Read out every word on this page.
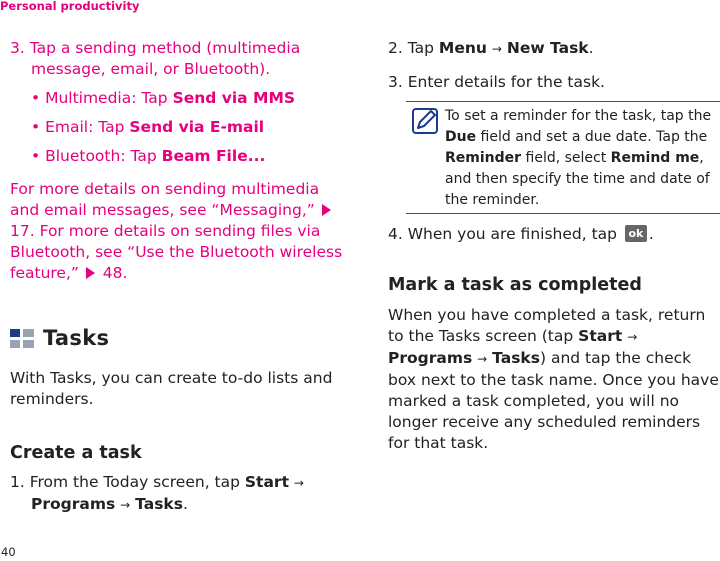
Personal productivity

3. Tap a sending method (multimedia message, email, or Bluetooth).

• Multimedia: Tap Send via MMS

• Email: Tap Send via E-mail

• Bluetooth: Tap Beam File...

For more details on sending multimedia and email messages, see “Messaging,”  17. For more details on sending files via Bluetooth, see “Use the Bluetooth wireless feature,”  48.

Tasks

With Tasks, you can create to-do lists and reminders.

Create a task

1. From the Today screen, tap Start → Programs → Tasks.

2. Tap Menu → New Task.

3. Enter details for the task.

To set a reminder for the task, tap the Due field and set a due date. Tap the Reminder field, select Remind me, and then specify the time and date of the reminder.

4. When you are finished, tap ok .

Mark a task as completed

When you have completed a task, return to the Tasks screen (tap Start → Programs → Tasks) and tap the check box next to the task name. Once you have marked a task completed, you will no longer receive any scheduled reminders for that task.

40
